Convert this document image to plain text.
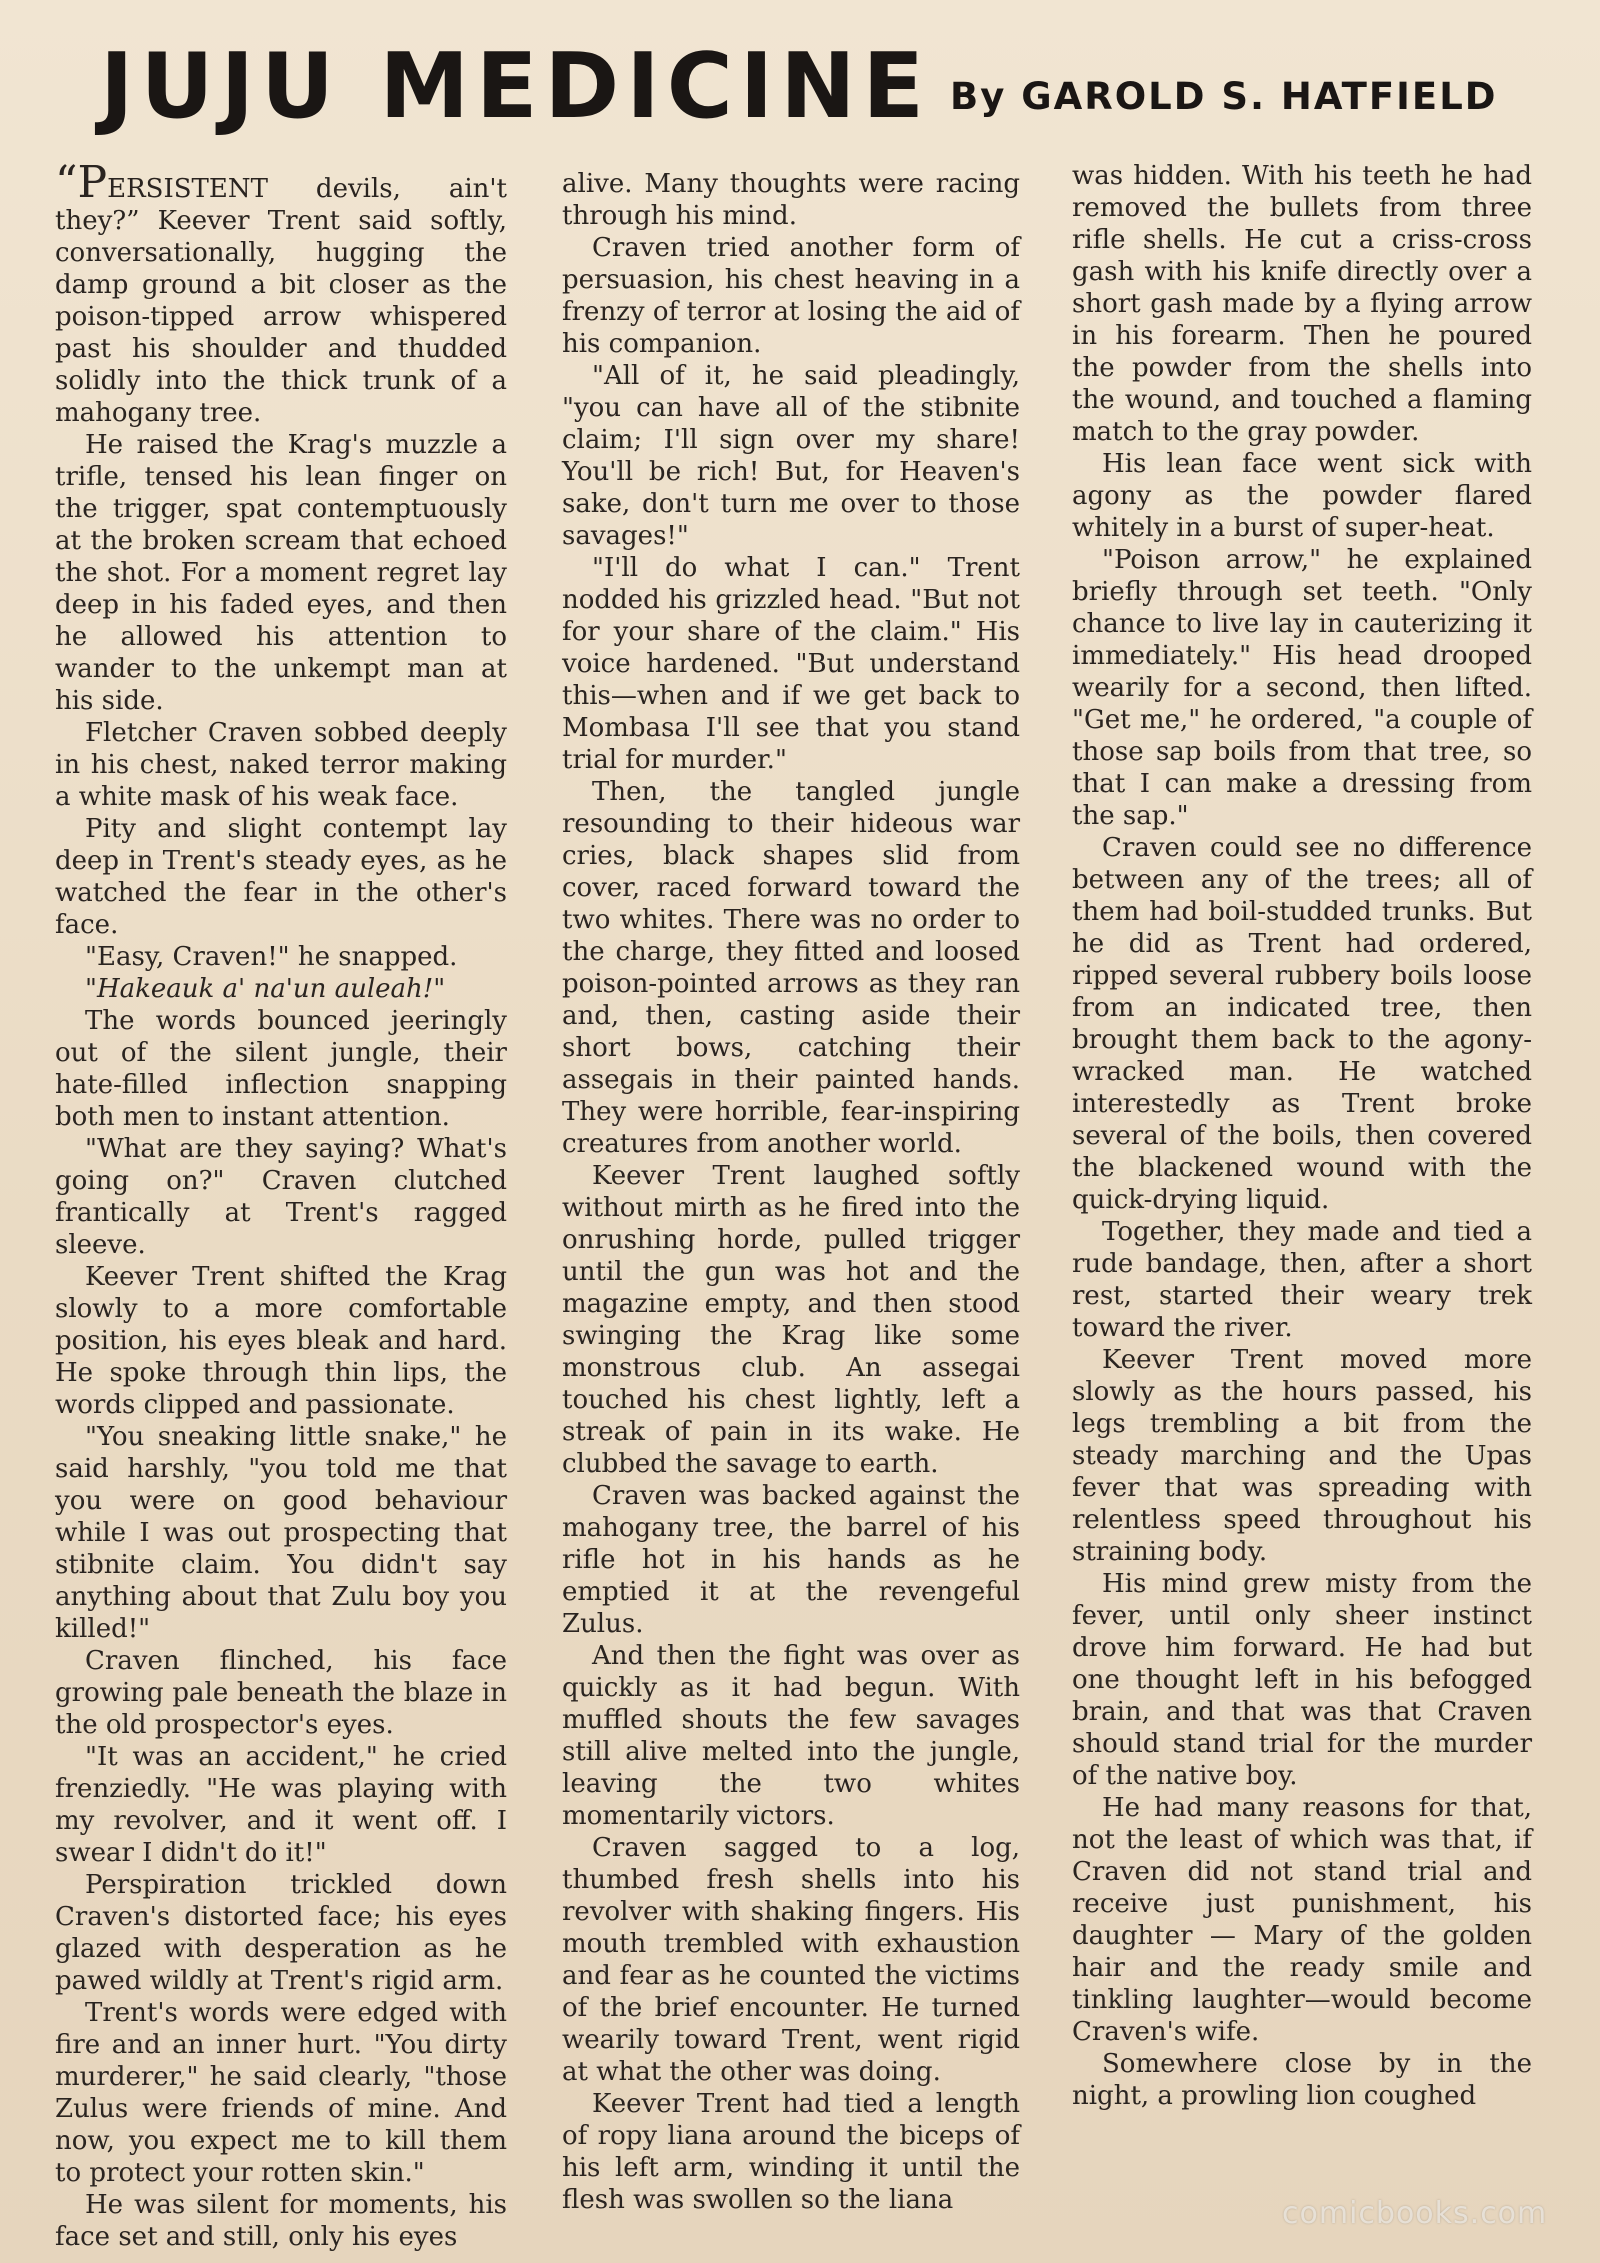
JUJU MEDICINE By GAROLD S. HATFIELD

“PERSISTENT devils, ain't they?” Keever Trent said softly, conversationally, hugging the damp ground a bit closer as the poison-tipped arrow whispered past his shoulder and thudded solidly into the thick trunk of a mahogany tree.

He raised the Krag's muzzle a trifle, tensed his lean finger on the trigger, spat contemptuously at the broken scream that echoed the shot. For a moment regret lay deep in his faded eyes, and then he allowed his attention to wander to the unkempt man at his side.

Fletcher Craven sobbed deeply in his chest, naked terror making a white mask of his weak face.

Pity and slight contempt lay deep in Trent's steady eyes, as he watched the fear in the other's face.

"Easy, Craven!" he snapped.

"Hakeauk a' na'un auleah!"

The words bounced jeeringly out of the silent jungle, their hate-filled inflection snapping both men to instant attention.

"What are they saying? What's going on?" Craven clutched frantically at Trent's ragged sleeve.

Keever Trent shifted the Krag slowly to a more comfortable position, his eyes bleak and hard. He spoke through thin lips, the words clipped and passionate.

"You sneaking little snake," he said harshly, "you told me that you were on good behaviour while I was out prospecting that stibnite claim. You didn't say anything about that Zulu boy you killed!"

Craven flinched, his face growing pale beneath the blaze in the old prospector's eyes.

"It was an accident," he cried frenziedly. "He was playing with my revolver, and it went off. I swear I didn't do it!"

Perspiration trickled down Craven's distorted face; his eyes glazed with desperation as he pawed wildly at Trent's rigid arm.

Trent's words were edged with fire and an inner hurt. "You dirty murderer," he said clearly, "those Zulus were friends of mine. And now, you expect me to kill them to protect your rotten skin."

He was silent for moments, his face set and still, only his eyes

alive. Many thoughts were racing through his mind.

Craven tried another form of persuasion, his chest heaving in a frenzy of terror at losing the aid of his companion.

"All of it, he said pleadingly, "you can have all of the stibnite claim; I'll sign over my share! You'll be rich! But, for Heaven's sake, don't turn me over to those savages!"

"I'll do what I can." Trent nodded his grizzled head. "But not for your share of the claim." His voice hardened. "But understand this—when and if we get back to Mombasa I'll see that you stand trial for murder."

Then, the tangled jungle resounding to their hideous war cries, black shapes slid from cover, raced forward toward the two whites. There was no order to the charge, they fitted and loosed poison-pointed arrows as they ran and, then, casting aside their short bows, catching their assegais in their painted hands. They were horrible, fear-inspiring creatures from another world.

Keever Trent laughed softly without mirth as he fired into the onrushing horde, pulled trigger until the gun was hot and the magazine empty, and then stood swinging the Krag like some monstrous club. An assegai touched his chest lightly, left a streak of pain in its wake. He clubbed the savage to earth.

Craven was backed against the mahogany tree, the barrel of his rifle hot in his hands as he emptied it at the revengeful Zulus.

And then the fight was over as quickly as it had begun. With muffled shouts the few savages still alive melted into the jungle, leaving the two whites momentarily victors.

Craven sagged to a log, thumbed fresh shells into his revolver with shaking fingers. His mouth trembled with exhaustion and fear as he counted the victims of the brief encounter. He turned wearily toward Trent, went rigid at what the other was doing.

Keever Trent had tied a length of ropy liana around the biceps of his left arm, winding it until the flesh was swollen so the liana

was hidden. With his teeth he had removed the bullets from three rifle shells. He cut a criss-cross gash with his knife directly over a short gash made by a flying arrow in his forearm. Then he poured the powder from the shells into the wound, and touched a flaming match to the gray powder.

His lean face went sick with agony as the powder flared whitely in a burst of super-heat.

"Poison arrow," he explained briefly through set teeth. "Only chance to live lay in cauterizing it immediately." His head drooped wearily for a second, then lifted. "Get me," he ordered, "a couple of those sap boils from that tree, so that I can make a dressing from the sap."

Craven could see no difference between any of the trees; all of them had boil-studded trunks. But he did as Trent had ordered, ripped several rubbery boils loose from an indicated tree, then brought them back to the agony-wracked man. He watched interestedly as Trent broke several of the boils, then covered the blackened wound with the quick-drying liquid.

Together, they made and tied a rude bandage, then, after a short rest, started their weary trek toward the river.

Keever Trent moved more slowly as the hours passed, his legs trembling a bit from the steady marching and the Upas fever that was spreading with relentless speed throughout his straining body.

His mind grew misty from the fever, until only sheer instinct drove him forward. He had but one thought left in his befogged brain, and that was that Craven should stand trial for the murder of the native boy.

He had many reasons for that, not the least of which was that, if Craven did not stand trial and receive just punishment, his daughter — Mary of the golden hair and the ready smile and tinkling laughter—would become Craven's wife.

Somewhere close by in the night, a prowling lion coughed

comicbooks.com
